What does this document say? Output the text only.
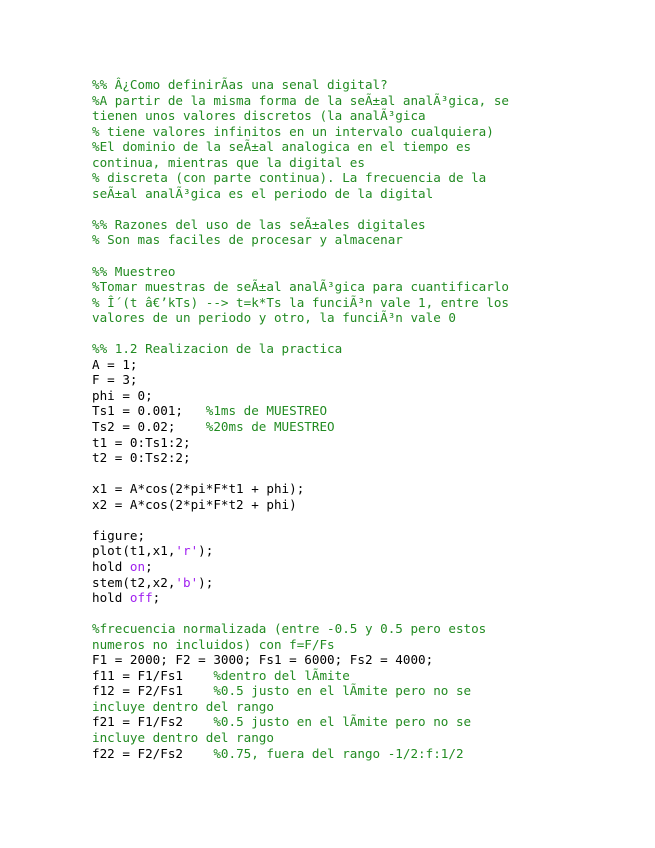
%% Â¿Como definirÃas una senal digital?
%A partir de la misma forma de la seÃ±al analÃ³gica, se
tienen unos valores discretos (la analÃ³gica
% tiene valores infinitos en un intervalo cualquiera)
%El dominio de la seÃ±al analogica en el tiempo es
continua, mientras que la digital es
% discreta (con parte continua). La frecuencia de la
seÃ±al analÃ³gica es el periodo de la digital
%% Razones del uso de las seÃ±ales digitales
% Son mas faciles de procesar y almacenar
%% Muestreo
%Tomar muestras de seÃ±al analÃ³gica para cuantificarlo
% Î´(t â€’kTs) --> t=k*Ts la funciÃ³n vale 1, entre los
valores de un periodo y otro, la funciÃ³n vale 0
%% 1.2 Realizacion de la practica
A = 1;
F = 3;
phi = 0;
Ts1 = 0.001;   %1ms de MUESTREO
Ts2 = 0.02;    %20ms de MUESTREO
t1 = 0:Ts1:2;
t2 = 0:Ts2:2;
x1 = A*cos(2*pi*F*t1 + phi);
x2 = A*cos(2*pi*F*t2 + phi)
figure;
plot(t1,x1,'r');
hold on;
stem(t2,x2,'b');
hold off;
%frecuencia normalizada (entre -0.5 y 0.5 pero estos
numeros no incluidos) con f=F/Fs
F1 = 2000; F2 = 3000; Fs1 = 6000; Fs2 = 4000;
f11 = F1/Fs1    %dentro del lÃmite
f12 = F2/Fs1    %0.5 justo en el lÃmite pero no se
incluye dentro del rango
f21 = F1/Fs2    %0.5 justo en el lÃmite pero no se
incluye dentro del rango
f22 = F2/Fs2    %0.75, fuera del rango -1/2:f:1/2
